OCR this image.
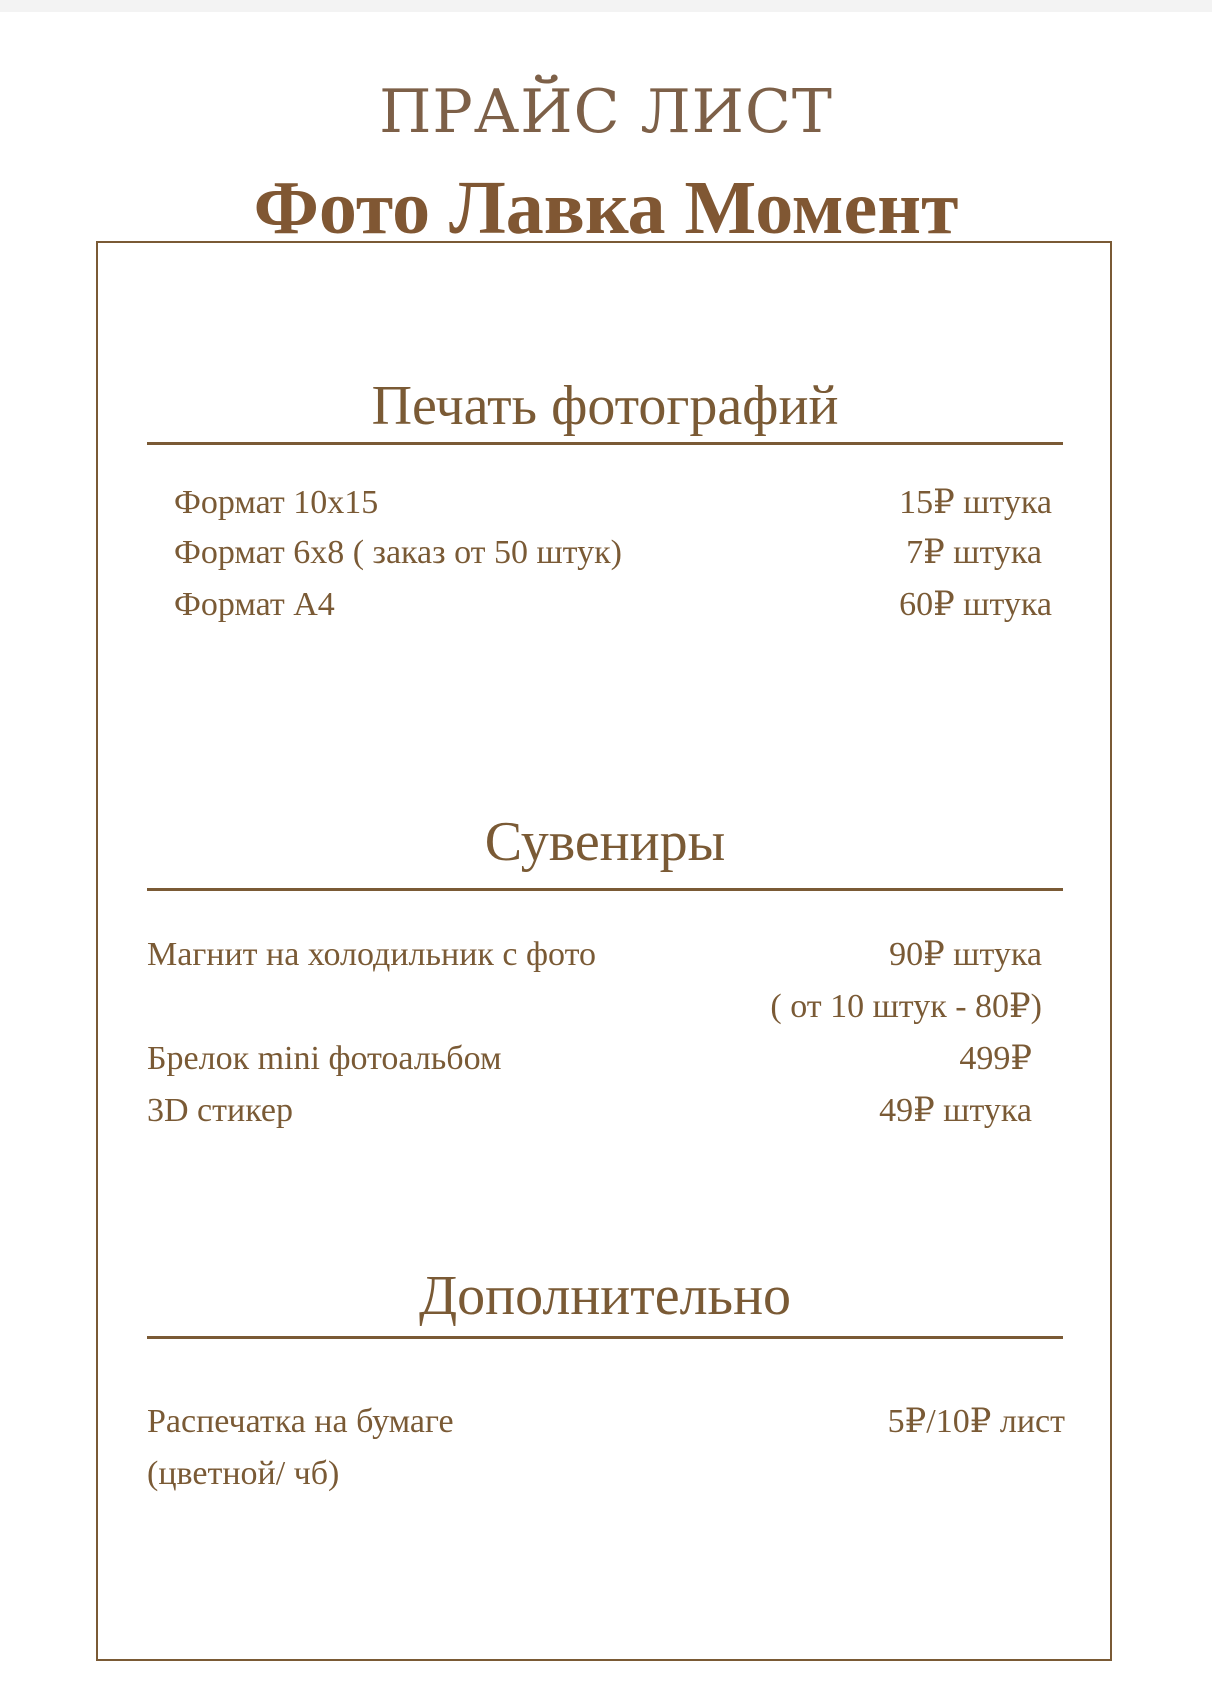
ПРАЙС ЛИСТ
Фото Лавка Момент
Печать фотографий
Формат 10х15	15₽ штука
Формат 6х8 ( заказ от 50 штук)	7₽ штука
Формат А4	60₽ штука
Сувениры
Магнит на холодильник с фото	90₽ штука
( от 10 штук - 80₽)
Брелок mini фотоальбом	499₽
3D стикер	49₽ штука
Дополнительно
Распечатка на бумаге	5₽/10₽ лист
(цветной/ чб)
